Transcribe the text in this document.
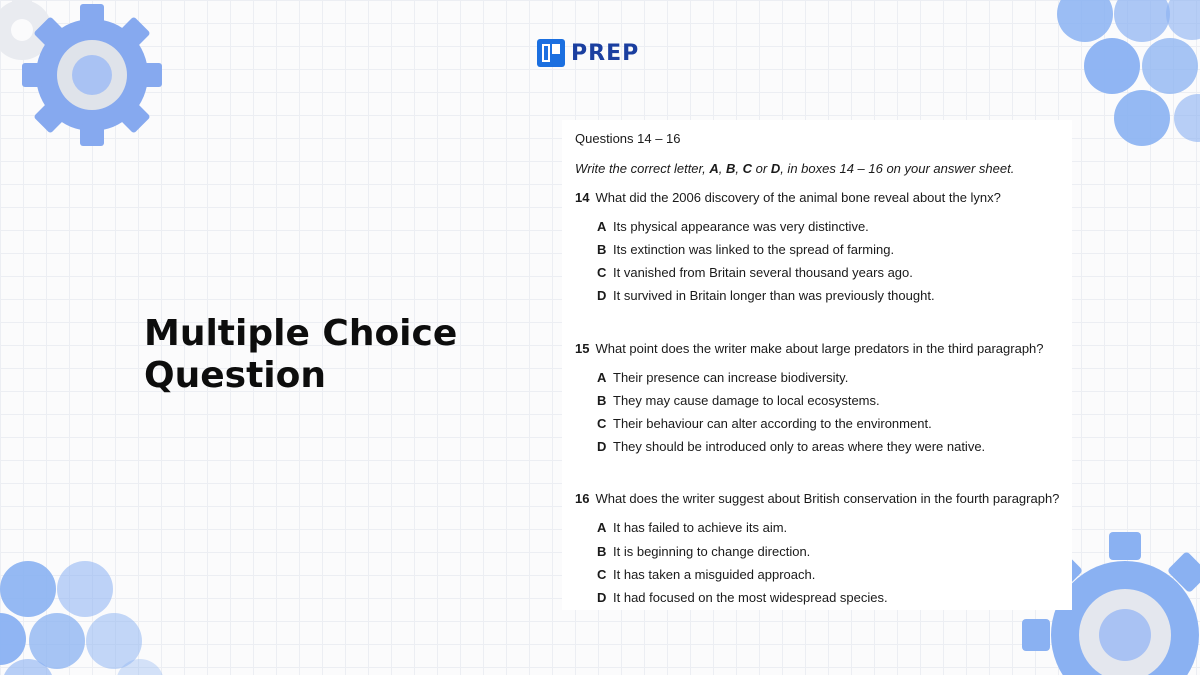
PREP
Multiple Choice
Question
Questions 14 – 16
Write the correct letter, A, B, C or D, in boxes 14 – 16 on your answer sheet.
14 What did the 2006 discovery of the animal bone reveal about the lynx?
A Its physical appearance was very distinctive.
B Its extinction was linked to the spread of farming.
C It vanished from Britain several thousand years ago.
D It survived in Britain longer than was previously thought.
15 What point does the writer make about large predators in the third paragraph?
A Their presence can increase biodiversity.
B They may cause damage to local ecosystems.
C Their behaviour can alter according to the environment.
D They should be introduced only to areas where they were native.
16 What does the writer suggest about British conservation in the fourth paragraph?
A It has failed to achieve its aim.
B It is beginning to change direction.
C It has taken a misguided approach.
D It had focused on the most widespread species.
